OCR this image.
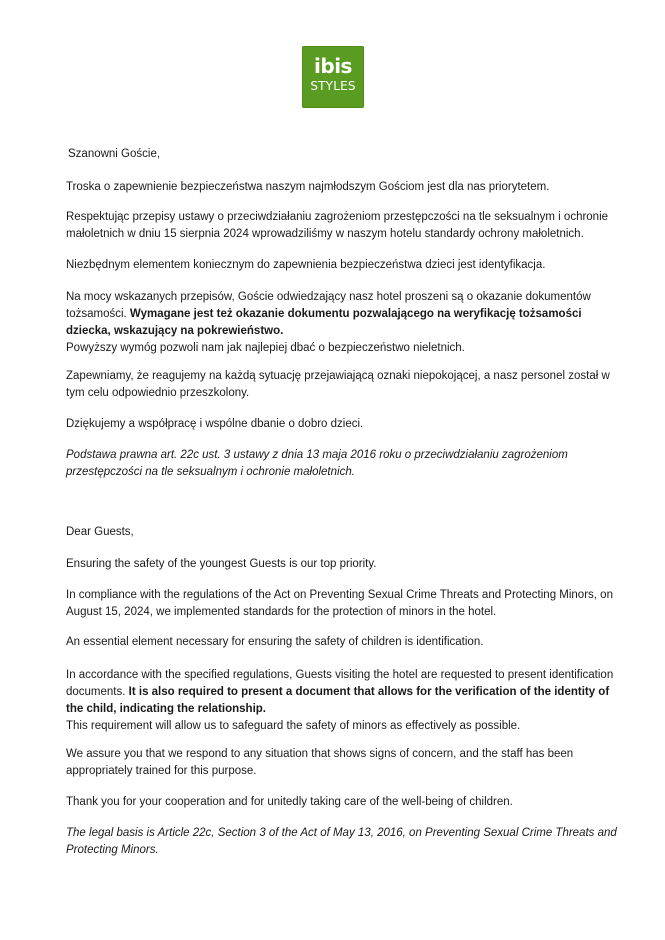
ibis
STYLES

Szanowni Goście,

Troska o zapewnienie bezpieczeństwa naszym najmłodszym Gościom jest dla nas priorytetem.

Respektując przepisy ustawy o przeciwdziałaniu zagrożeniom przestępczości na tle seksualnym i ochronie małoletnich w dniu 15 sierpnia 2024 wprowadziliśmy w naszym hotelu standardy ochrony małoletnich.

Niezbędnym elementem koniecznym do zapewnienia bezpieczeństwa dzieci jest identyfikacja.

Na mocy wskazanych przepisów, Goście odwiedzający nasz hotel proszeni są o okazanie dokumentów tożsamości. Wymagane jest też okazanie dokumentu pozwalającego na weryfikację tożsamości dziecka, wskazujący na pokrewieństwo.
Powyższy wymóg pozwoli nam jak najlepiej dbać o bezpieczeństwo nieletnich.

Zapewniamy, że reagujemy na każdą sytuację przejawiającą oznaki niepokojącej, a nasz personel został w tym celu odpowiednio przeszkolony.

Dziękujemy a współpracę i wspólne dbanie o dobro dzieci.

Podstawa prawna art. 22c ust. 3 ustawy z dnia 13 maja 2016 roku o przeciwdziałaniu zagrożeniom przestępczości na tle seksualnym i ochronie małoletnich.

Dear Guests,

Ensuring the safety of the youngest Guests is our top priority.

In compliance with the regulations of the Act on Preventing Sexual Crime Threats and Protecting Minors, on August 15, 2024, we implemented standards for the protection of minors in the hotel.

An essential element necessary for ensuring the safety of children is identification.

In accordance with the specified regulations, Guests visiting the hotel are requested to present identification documents. It is also required to present a document that allows for the verification of the identity of the child, indicating the relationship.
This requirement will allow us to safeguard the safety of minors as effectively as possible.

We assure you that we respond to any situation that shows signs of concern, and the staff has been appropriately trained for this purpose.

Thank you for your cooperation and for unitedly taking care of the well-being of children.

The legal basis is Article 22c, Section 3 of the Act of May 13, 2016, on Preventing Sexual Crime Threats and Protecting Minors.
